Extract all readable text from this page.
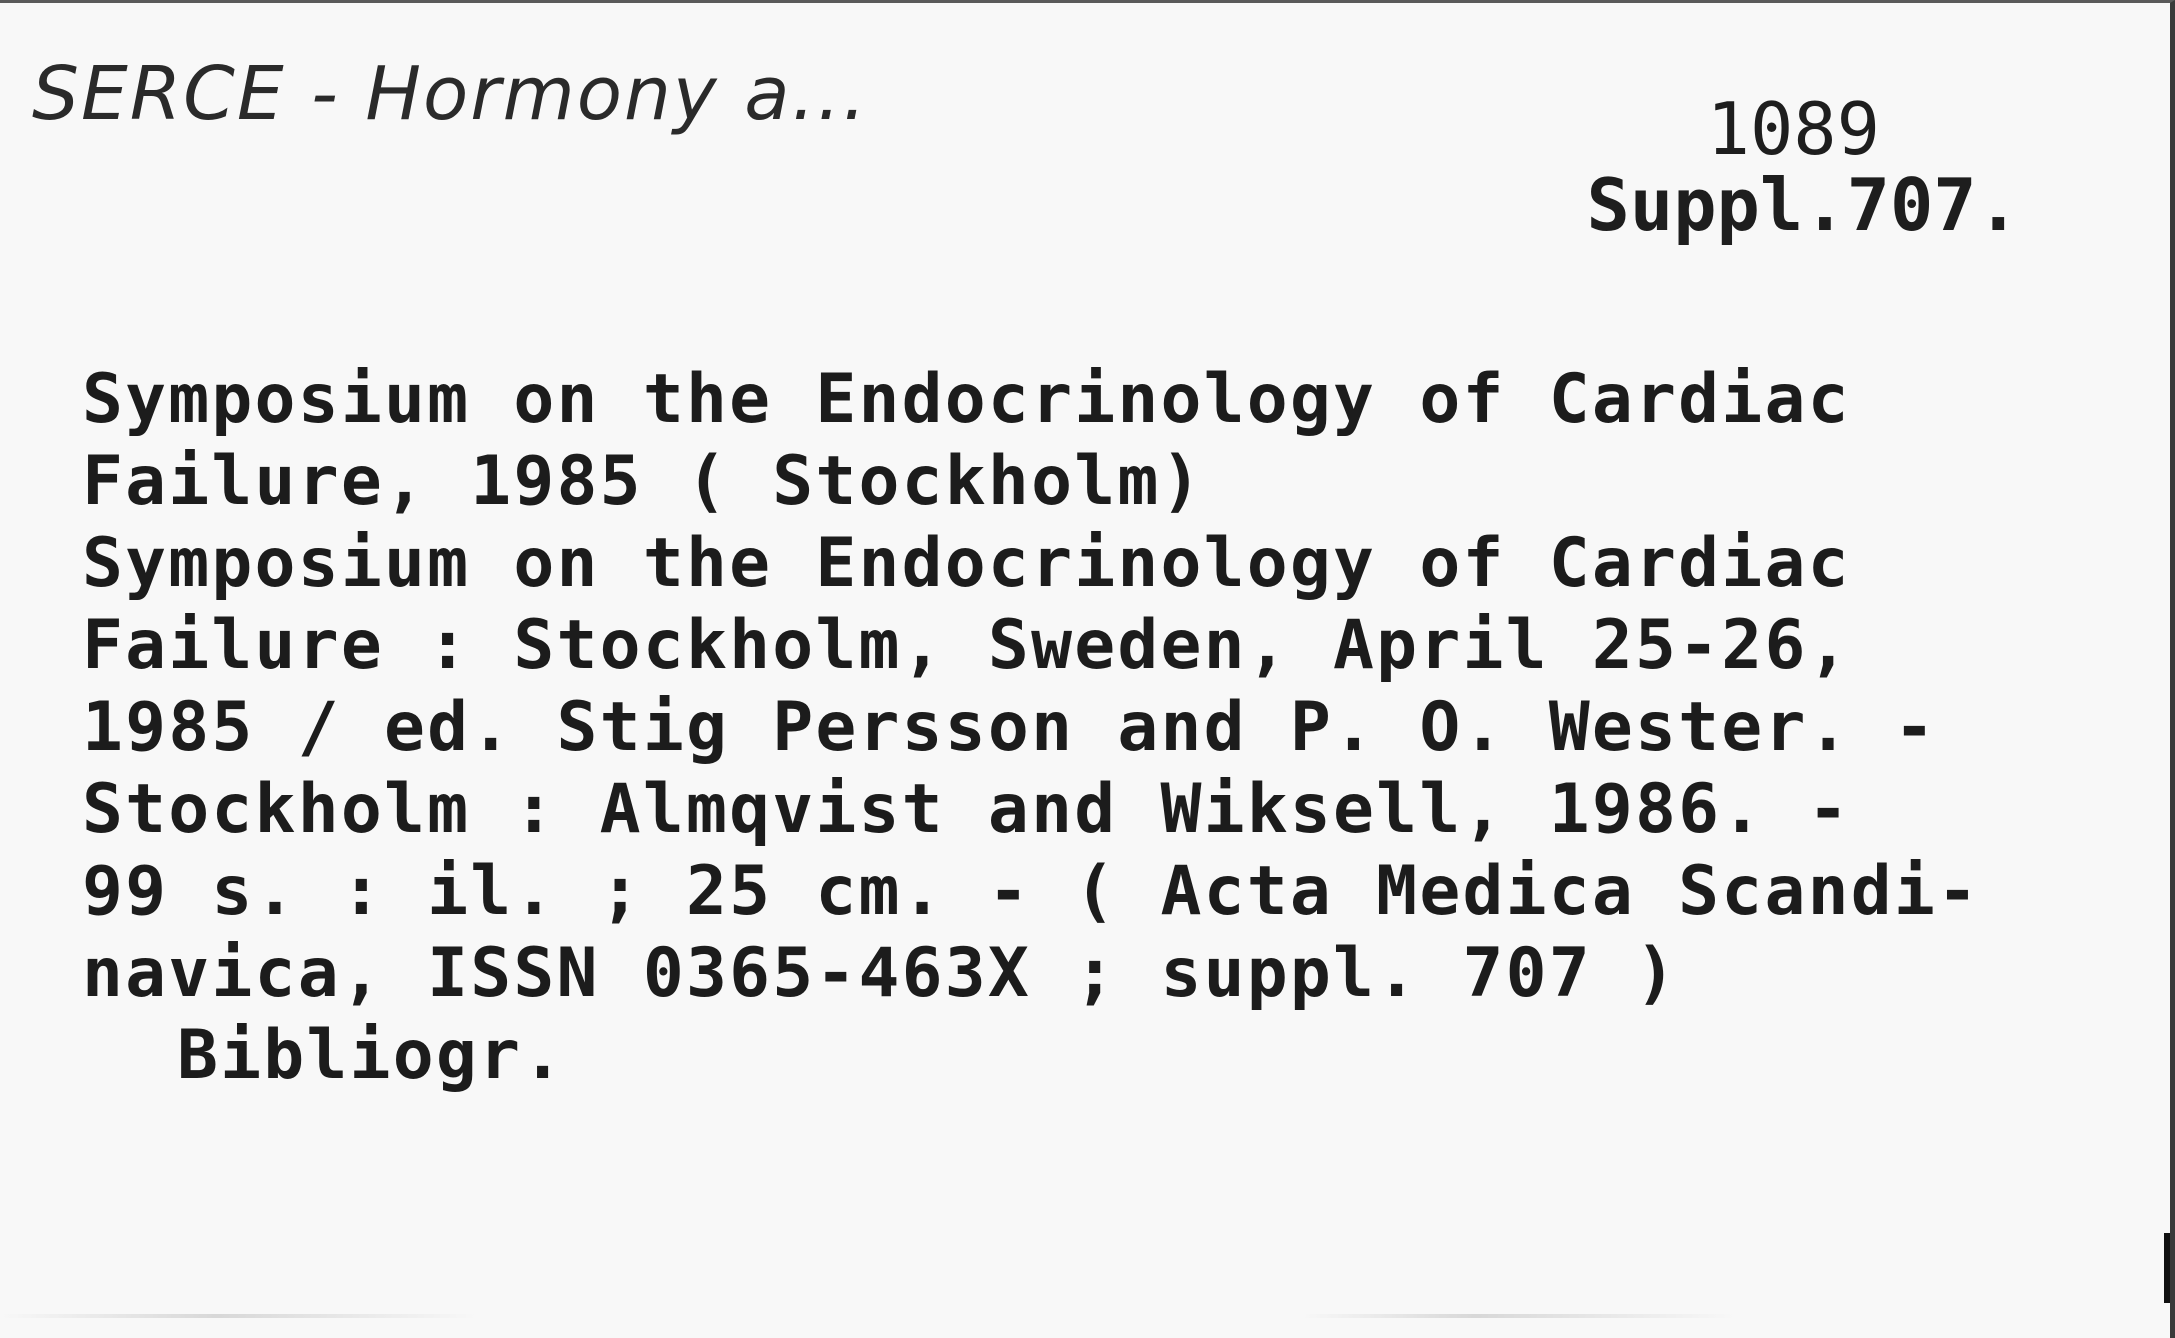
SERCE - Hormony a...	1089
Suppl.707.
Symposium on the Endocrinology of Cardiac
Failure, 1985 ( Stockholm)
Symposium on the Endocrinology of Cardiac
Failure : Stockholm, Sweden, April 25-26,
1985 / ed. Stig Persson and P. O. Wester. -
Stockholm : Almqvist and Wiksell, 1986. -
99 s. : il. ; 25 cm. - ( Acta Medica Scandi-
navica, ISSN 0365-463X ; suppl. 707 )
Bibliogr.
